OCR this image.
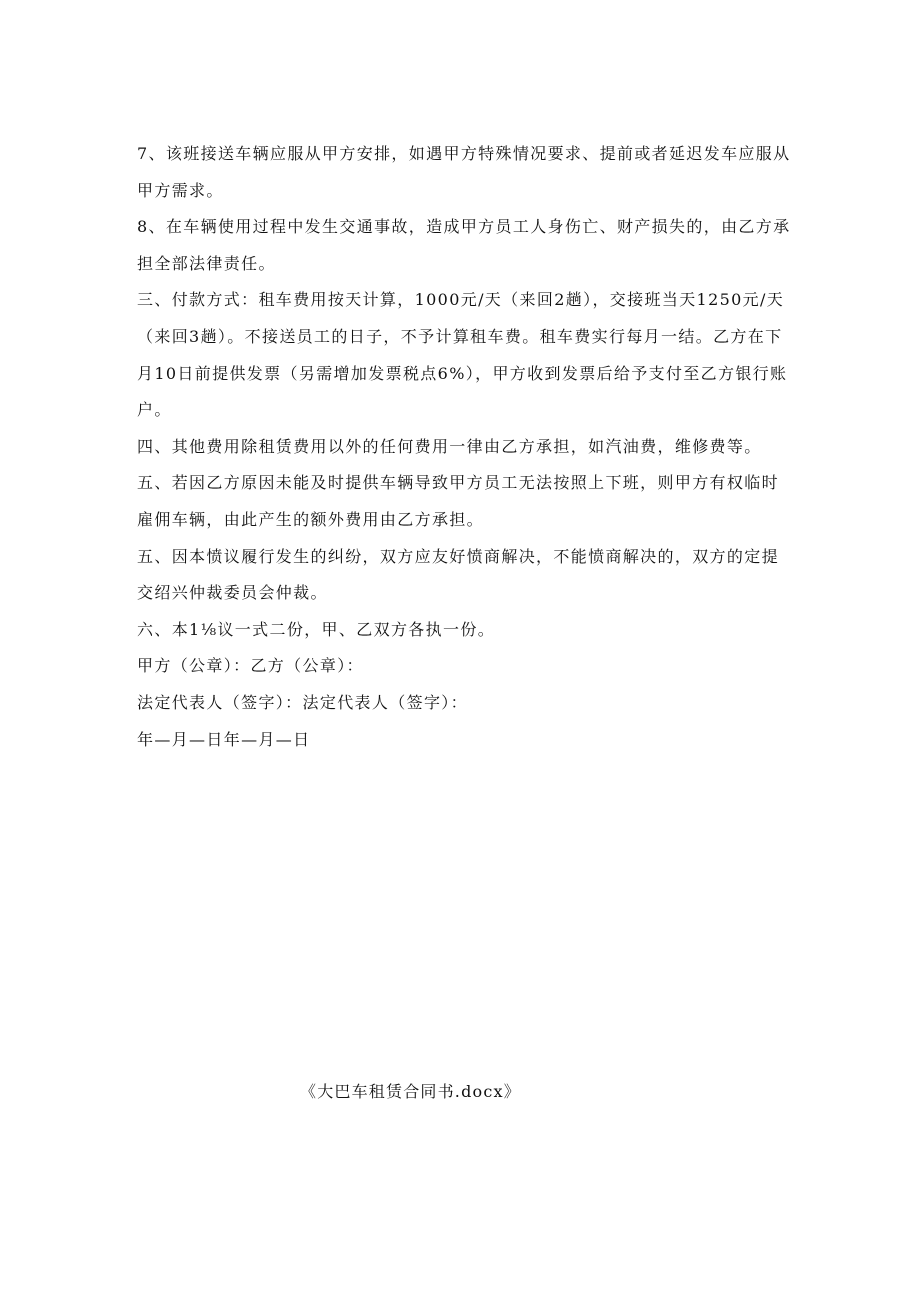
7、该班接送车辆应服从甲方安排，如遇甲方特殊情况要求、提前或者延迟发车应服从
甲方需求。

8、在车辆使用过程中发生交通事故，造成甲方员工人身伤亡、财产损失的，由乙方承
担全部法律责任。

三、付款方式：租车费用按天计算，1000元/天（来回2趟），交接班当天1250元/天
（来回3趟）。不接送员工的日子，不予计算租车费。租车费实行每月一结。乙方在下
月10日前提供发票（另需增加发票税点6%），甲方收到发票后给予支付至乙方银行账
户。

四、其他费用除租赁费用以外的任何费用一律由乙方承担，如汽油费，维修费等。

五、若因乙方原因未能及时提供车辆导致甲方员工无法按照上下班，则甲方有权临时
雇佣车辆，由此产生的额外费用由乙方承担。

五、因本愤议履行发生的纠纷，双方应友好愤商解决，不能愤商解决的，双方的定提
交绍兴仲裁委员会仲裁。

六、本1⅛议一式二份，甲、乙双方各执一份。

甲方（公章）：乙方（公章）：

法定代表人（签字）：法定代表人（签字）：

年—月—日年—月—日

《大巴车租赁合同书.docx》
